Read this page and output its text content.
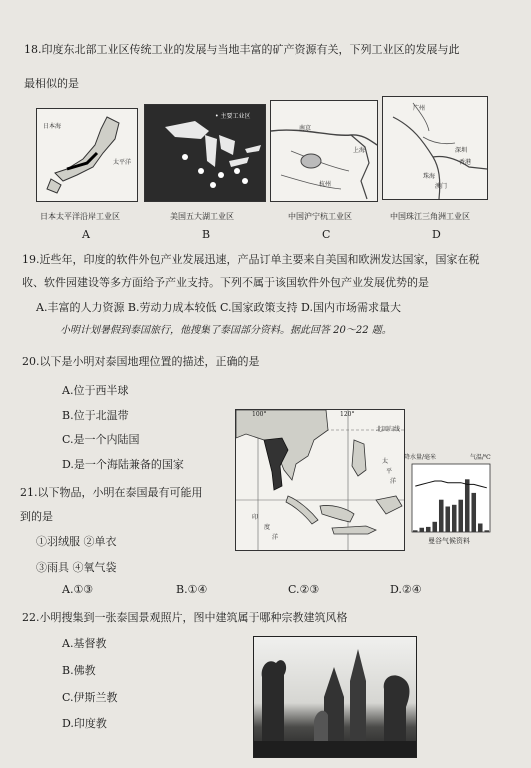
18.印度东北部工业区传统工业的发展与当地丰富的矿产资源有关，下列工业区的发展与此
最相似的是
日本海
太平洋
日本太平洋沿岸工业区
A
• 主要工业区
美国五大湖工业区
B
南京
上海
杭州
中国沪宁杭工业区
C
广州
深圳
香港
珠海
澳门
中国珠江三角洲工业区
D
19.近些年，印度的软件外包产业发展迅速，产品订单主要来自美国和欧洲发达国家，国家在税
收、软件园建设等多方面给予产业支持。下列不属于该国软件外包产业发展优势的是
A.丰富的人力资源 B.劳动力成本较低 C.国家政策支持 D.国内市场需求量大
小明计划暑假到泰国旅行，他搜集了泰国部分资料。据此回答 20～22 题。
20.以下是小明对泰国地理位置的描述，正确的是
A.位于西半球
B.位于北温带
C.是一个内陆国
D.是一个海陆兼备的国家
100°	120°
北回归线
印
度
洋
太
平
洋
降水量/毫米	气温/℃
曼谷气候资料
21.以下物品，小明在泰国最有可能用
到的是
①羽绒服 ②单衣
③雨具 ④氧气袋
A.①③	B.①④	C.②③	D.②④
22.小明搜集到一张泰国景观照片，图中建筑属于哪种宗教建筑风格
A.基督教
B.佛教
C.伊斯兰教
D.印度教
